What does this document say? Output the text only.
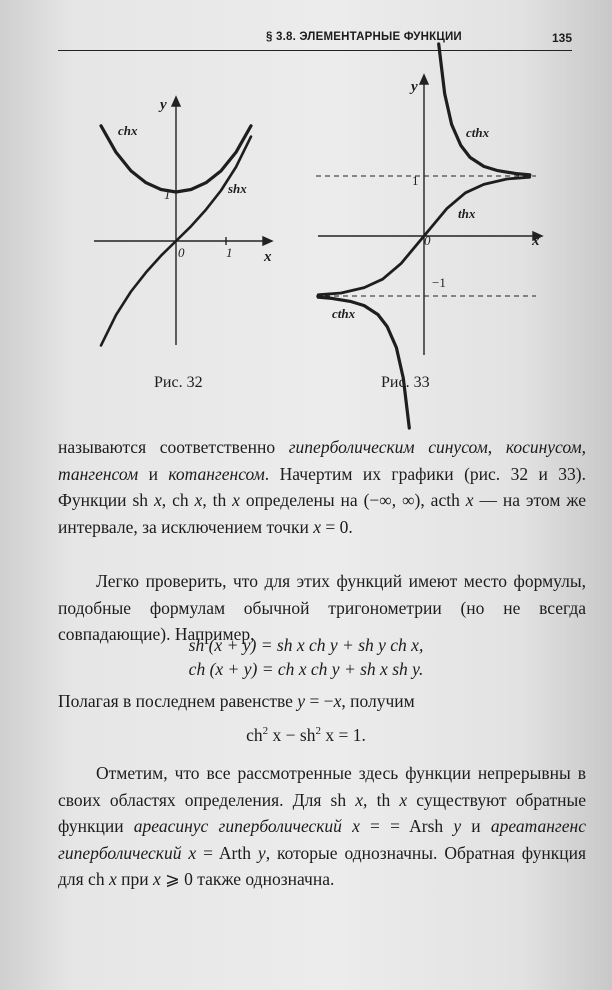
§ 3.8. ЭЛЕМЕНТАРНЫЕ ФУНКЦИИ	135
y
x
0	1
1
chx
shx
Рис. 32
y
x
0
1
−1
cthx
thx
cthx
Рис. 33
называются соответственно гиперболическим синусом, косинусом, тангенсом и котангенсом. Начертим их графики (рис. 32 и 33). Функции sh x, ch x, th x определены на (−∞, ∞), acth x — на этом же интервале, за исключением точки x = 0.
Легко проверить, что для этих функций имеют место формулы, подобные формулам обычной тригонометрии (но не всегда совпадающие). Например,
sh (x + y) = sh x ch y + sh y ch x,
ch (x + y) = ch x ch y + sh x sh y.
Полагая в последнем равенстве y = −x, получим
$ch^2$ $x - sh^2$ x = 1.
Отметим, что все рассмотренные здесь функции непрерывны в своих областях определения. Для sh x, th x существуют обратные функции ареасинус гиперболический x = = Arsh y и ареатангенс гиперболический x = Arth y, которые однозначны. Обратная функция для ch x при x ⩾ 0 также однозначна.
